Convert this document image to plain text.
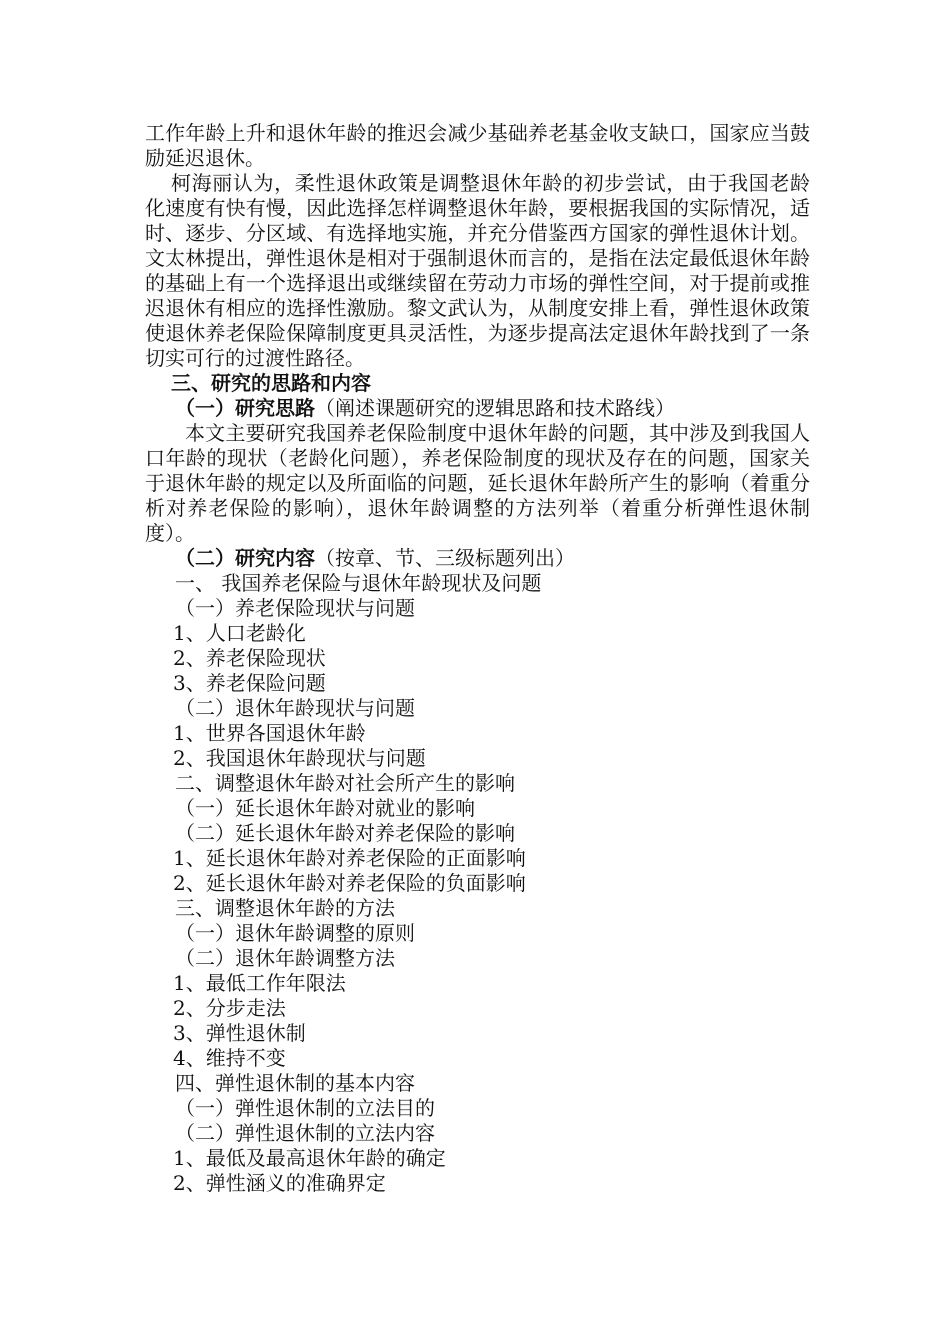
工作年龄上升和退休年龄的推迟会减少基础养老基金收支缺口，国家应当鼓励延迟退休。

柯海丽认为，柔性退休政策是调整退休年龄的初步尝试，由于我国老龄化速度有快有慢，因此选择怎样调整退休年龄，要根据我国的实际情况，适时、逐步、分区域、有选择地实施，并充分借鉴西方国家的弹性退休计划。文太林提出，弹性退休是相对于强制退休而言的，是指在法定最低退休年龄的基础上有一个选择退出或继续留在劳动力市场的弹性空间，对于提前或推迟退休有相应的选择性激励。黎文武认为，从制度安排上看，弹性退休政策使退休养老保险保障制度更具灵活性，为逐步提高法定退休年龄找到了一条切实可行的过渡性路径。

三、研究的思路和内容

（一）研究思路（阐述课题研究的逻辑思路和技术路线）

本文主要研究我国养老保险制度中退休年龄的问题，其中涉及到我国人口年龄的现状（老龄化问题），养老保险制度的现状及存在的问题，国家关于退休年龄的规定以及所面临的问题，延长退休年龄所产生的影响（着重分析对养老保险的影响），退休年龄调整的方法列举（着重分析弹性退休制度）。

（二）研究内容（按章、节、三级标题列出）

一、 我国养老保险与退休年龄现状及问题

（一）养老保险现状与问题

1、人口老龄化

2、养老保险现状

3、养老保险问题

（二）退休年龄现状与问题

1、世界各国退休年龄

2、我国退休年龄现状与问题

二、调整退休年龄对社会所产生的影响

（一）延长退休年龄对就业的影响

（二）延长退休年龄对养老保险的影响

1、延长退休年龄对养老保险的正面影响

2、延长退休年龄对养老保险的负面影响

三、调整退休年龄的方法

（一）退休年龄调整的原则

（二）退休年龄调整方法

1、最低工作年限法

2、分步走法

3、弹性退休制

4、维持不变

四、弹性退休制的基本内容

（一）弹性退休制的立法目的

（二）弹性退休制的立法内容

1、最低及最高退休年龄的确定

2、弹性涵义的准确界定
